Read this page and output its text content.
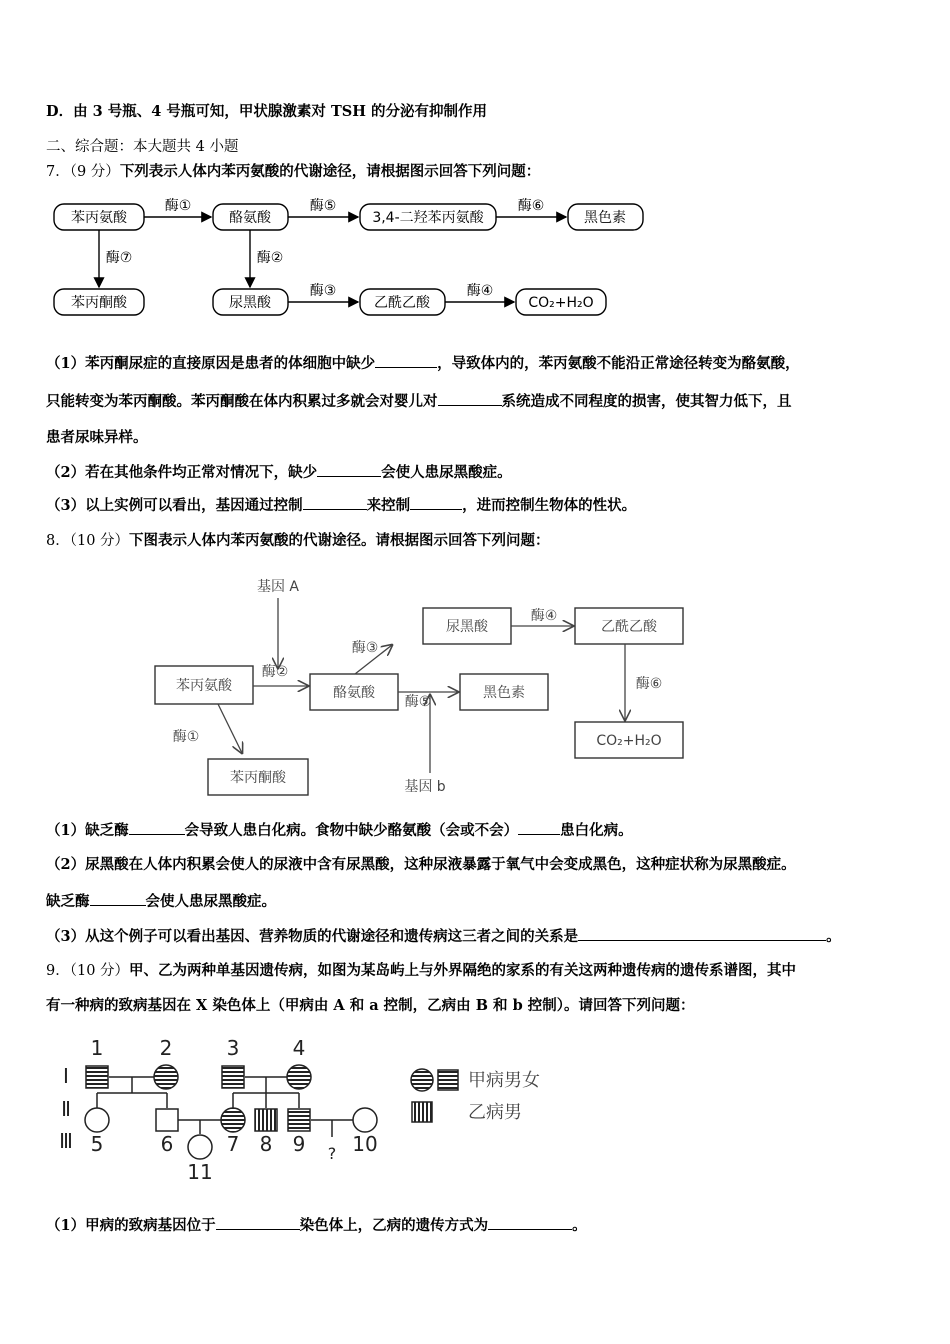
D．由 3 号瓶、4 号瓶可知，甲状腺激素对 TSH 的分泌有抑制作用
二、综合题：本大题共 4 小题
7．（9 分）下列表示人体内苯丙氨酸的代谢途径，请根据图示回答下列问题：
苯丙氨酸	酪氨酸	3,4-二羟苯丙氨酸	黑色素
苯丙酮酸	尿黑酸	乙酰乙酸	CO₂+H₂O
酶①	酶⑤	酶⑥
酶⑦	酶②
酶③	酶④
（1）苯丙酮尿症的直接原因是患者的体细胞中缺少	，导致体内的，苯丙氨酸不能沿正常途径转变为酪氨酸，
只能转变为苯丙酮酸。苯丙酮酸在体内积累过多就会对婴儿对	系统造成不同程度的损害，使其智力低下，且
患者尿味异样。
（2）若在其他条件均正常对情况下，缺少	会使人患尿黑酸症。
（3）以上实例可以看出，基因通过控制	来控制	，进而控制生物体的性状。
8．（10 分）下图表示人体内苯丙氨酸的代谢途径。请根据图示回答下列问题：
基因 A
苯丙氨酸	酪氨酸
尿黑酸
黑色素
乙酰乙酸
苯丙酮酸
CO₂+H₂O
酶②
酶③
酶⑤
酶④
酶⑥
酶①
基因 b
（1）缺乏酶	会导致人患白化病。食物中缺少酪氨酸（会或不会）	患白化病。
（2）尿黑酸在人体内积累会使人的尿液中含有尿黑酸，这种尿液暴露于氧气中会变成黑色，这种症状称为尿黑酸症。
缺乏酶	会使人患尿黑酸症。
（3）从这个例子可以看出基因、营养物质的代谢途径和遗传病这三者之间的关系是	。
9．（10 分）甲、乙为两种单基因遗传病，如图为某岛屿上与外界隔绝的家系的有关这两种遗传病的遗传系谱图，其中
有一种病的致病基因在 X 染色体上（甲病由 A 和 a 控制，乙病由 B 和 b 控制）。请回答下列问题：
Ⅰ
Ⅱ
Ⅲ
1	2	3	4
5	6	7 8 9 10
11
?
甲病男女
乙病男
（1）甲病的致病基因位于	染色体上，乙病的遗传方式为	。
